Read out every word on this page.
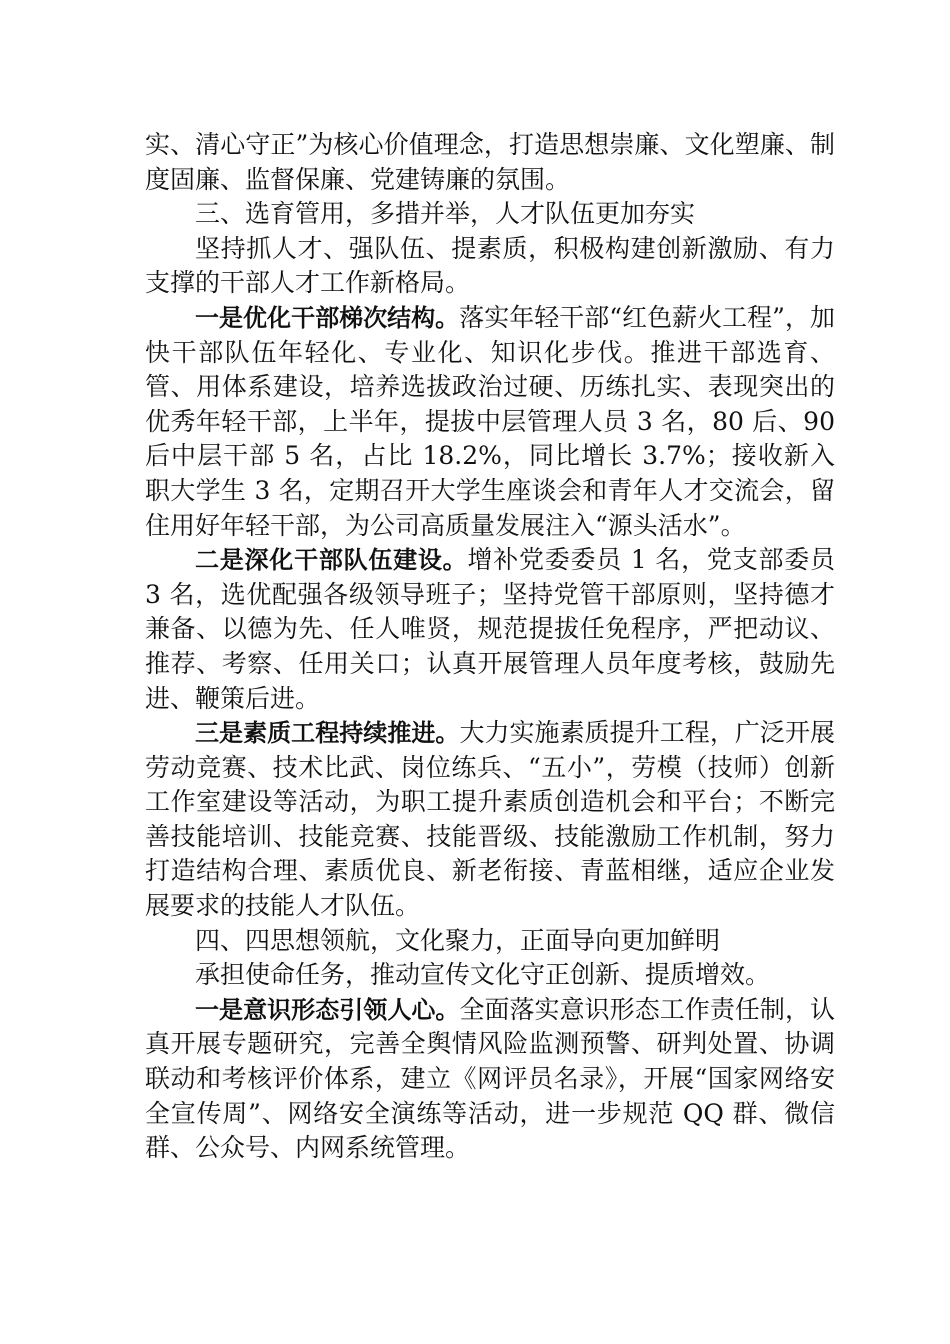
实、清心守正”为核心价值理念，打造思想崇廉、文化塑廉、制度固廉、监督保廉、党建铸廉的氛围。

三、选育管用，多措并举，人才队伍更加夯实

坚持抓人才、强队伍、提素质，积极构建创新激励、有力支撑的干部人才工作新格局。

一是优化干部梯次结构。落实年轻干部“红色薪火工程”，加快干部队伍年轻化、专业化、知识化步伐。推进干部选育、管、用体系建设，培养选拔政治过硬、历练扎实、表现突出的优秀年轻干部，上半年，提拔中层管理人员 3 名，80 后、90 后中层干部 5 名，占比 18.2%，同比增长 3.7%；接收新入职大学生 3 名，定期召开大学生座谈会和青年人才交流会，留住用好年轻干部，为公司高质量发展注入“源头活水”。

二是深化干部队伍建设。增补党委委员 1 名，党支部委员 3 名，选优配强各级领导班子；坚持党管干部原则，坚持德才兼备、以德为先、任人唯贤，规范提拔任免程序，严把动议、推荐、考察、任用关口；认真开展管理人员年度考核，鼓励先进、鞭策后进。

三是素质工程持续推进。大力实施素质提升工程，广泛开展劳动竞赛、技术比武、岗位练兵、“五小”，劳模（技师）创新工作室建设等活动，为职工提升素质创造机会和平台；不断完善技能培训、技能竞赛、技能晋级、技能激励工作机制，努力打造结构合理、素质优良、新老衔接、青蓝相继，适应企业发展要求的技能人才队伍。

四、四思想领航，文化聚力，正面导向更加鲜明

承担使命任务，推动宣传文化守正创新、提质增效。

一是意识形态引领人心。全面落实意识形态工作责任制，认真开展专题研究，完善全舆情风险监测预警、研判处置、协调联动和考核评价体系，建立《网评员名录》，开展“国家网络安全宣传周”、网络安全演练等活动，进一步规范 QQ 群、微信群、公众号、内网系统管理。
